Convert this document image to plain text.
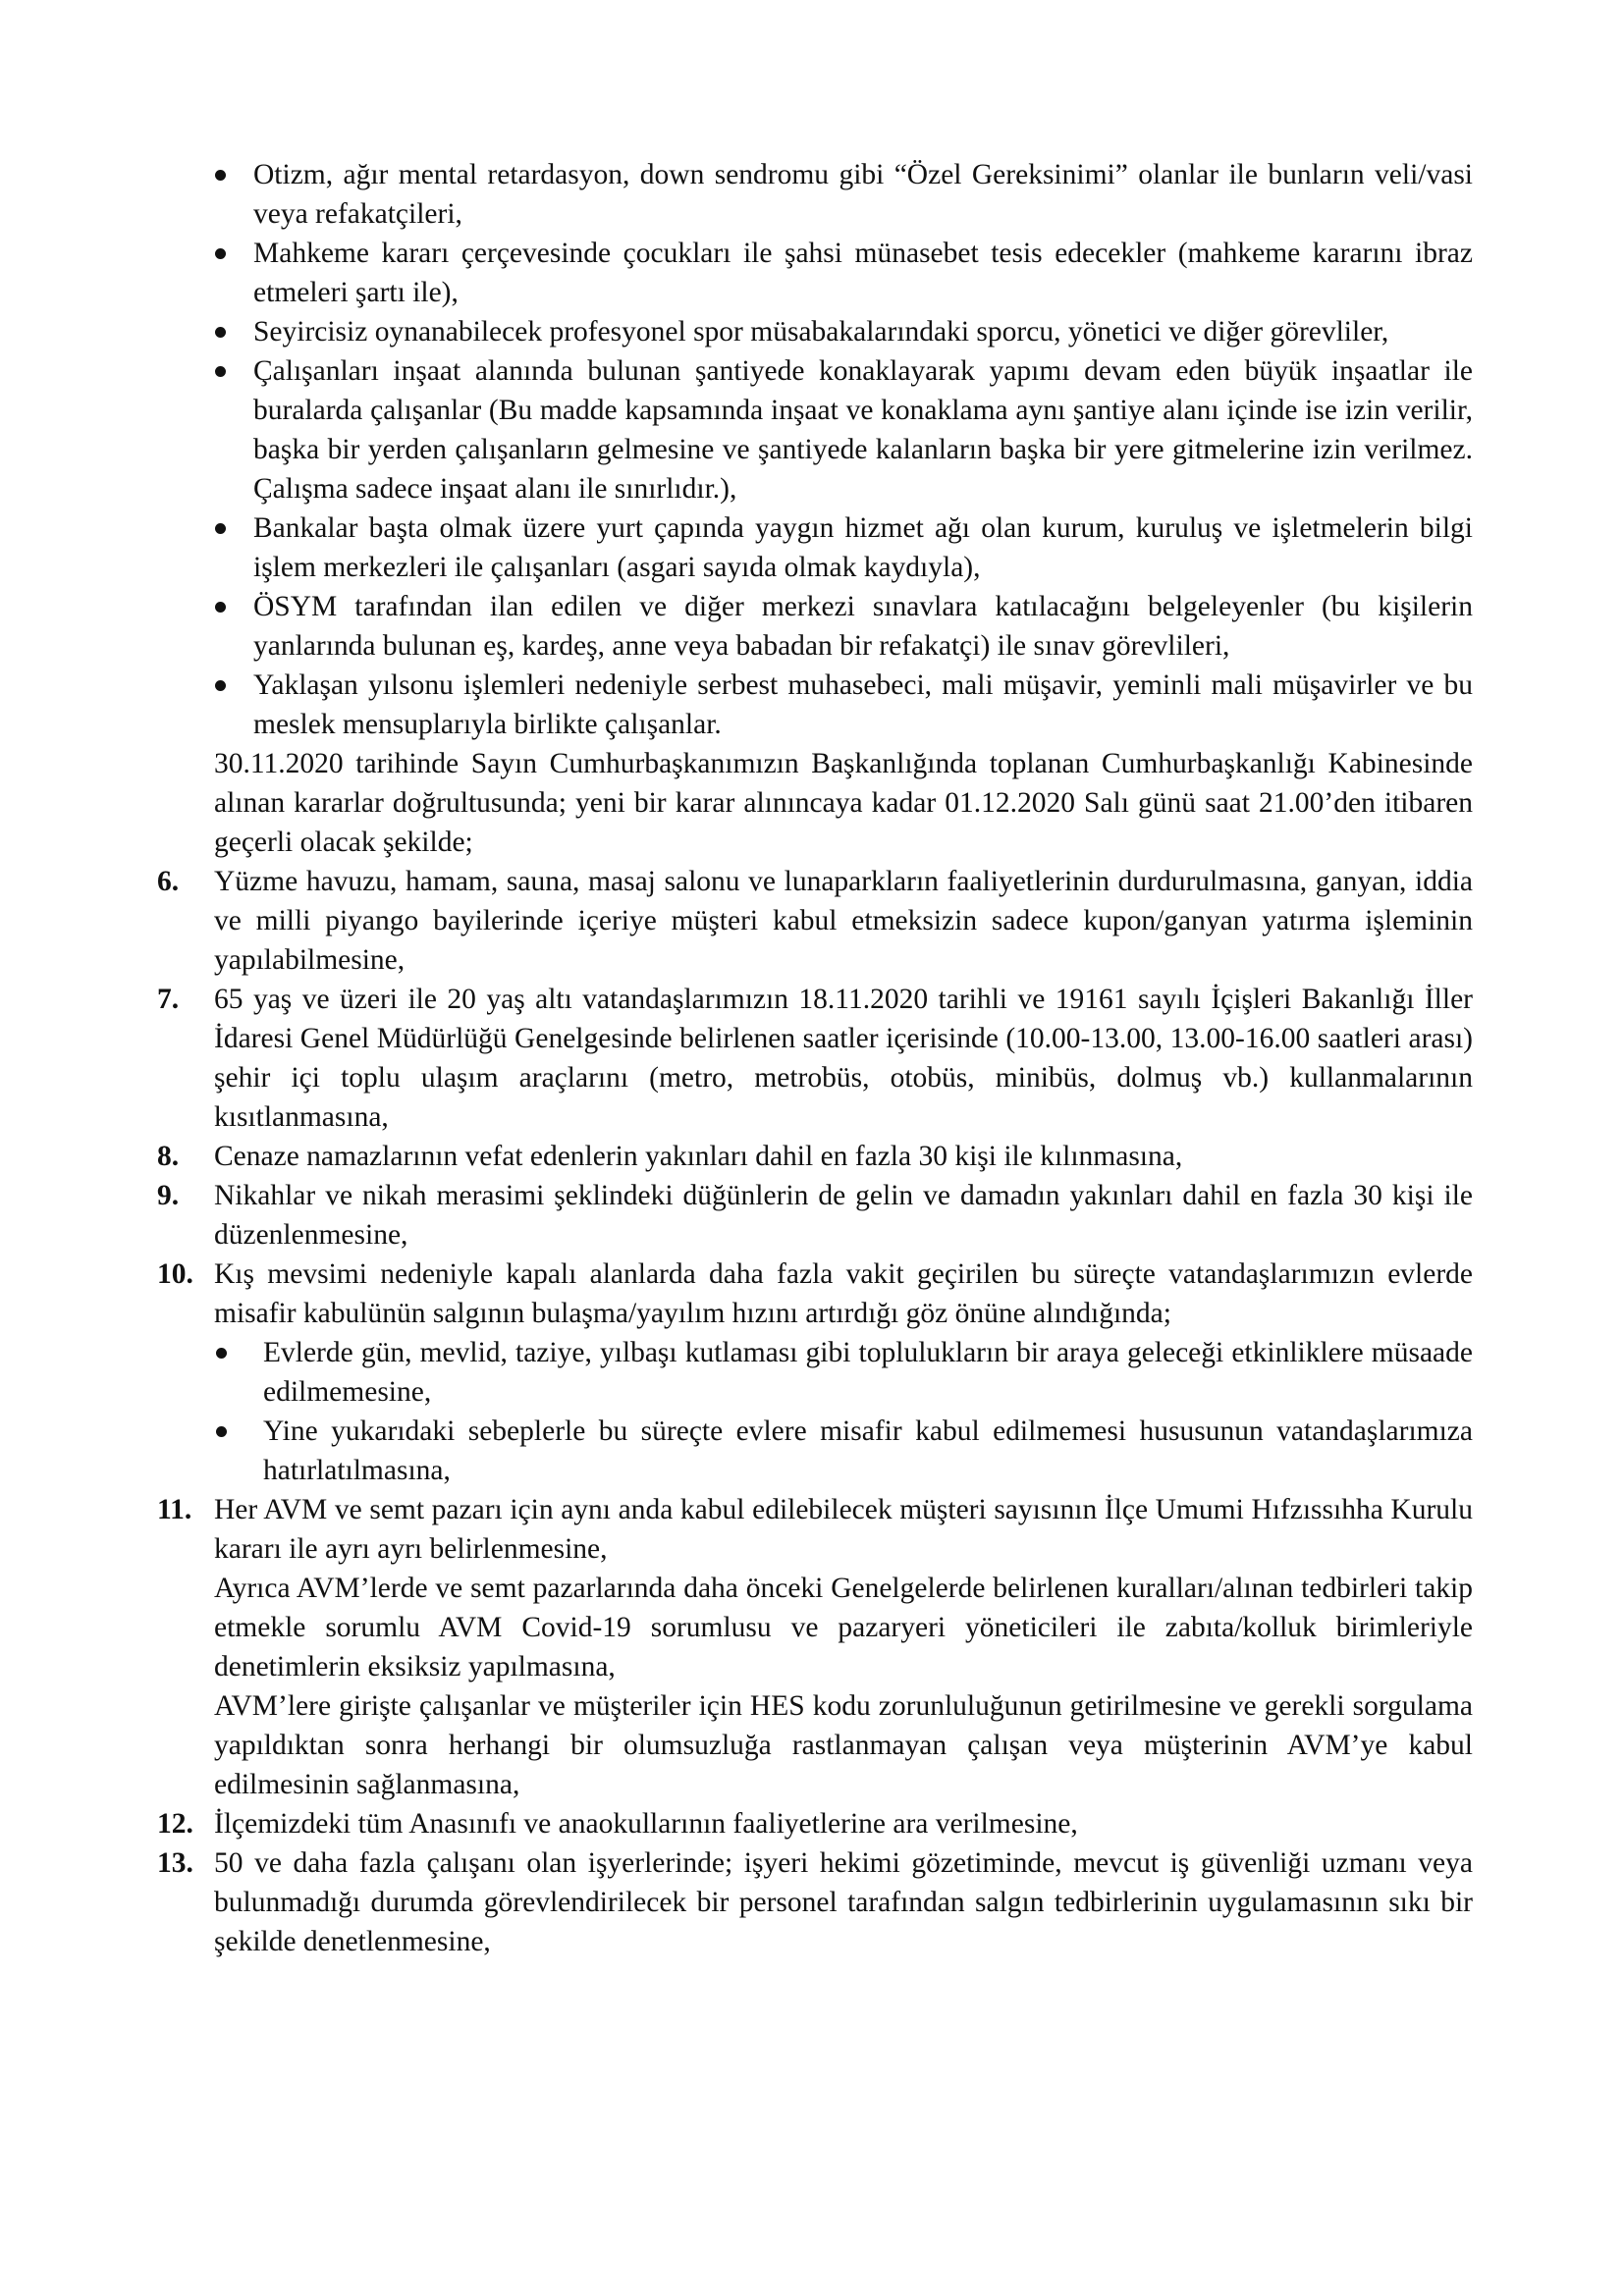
Otizm, ağır mental retardasyon, down sendromu gibi “Özel Gereksinimi” olanlar ile bunların veli/vasi veya refakatçileri,
Mahkeme kararı çerçevesinde çocukları ile şahsi münasebet tesis edecekler (mahkeme kararını ibraz etmeleri şartı ile),
Seyircisiz oynanabilecek profesyonel spor müsabakalarındaki sporcu, yönetici ve diğer görevliler,
Çalışanları inşaat alanında bulunan şantiyede konaklayarak yapımı devam eden büyük inşaatlar ile buralarda çalışanlar (Bu madde kapsamında inşaat ve konaklama aynı şantiye alanı içinde ise izin verilir, başka bir yerden çalışanların gelmesine ve şantiyede kalanların başka bir yere gitmelerine izin verilmez. Çalışma sadece inşaat alanı ile sınırlıdır.),
Bankalar başta olmak üzere yurt çapında yaygın hizmet ağı olan kurum, kuruluş ve işletmelerin bilgi işlem merkezleri ile çalışanları (asgari sayıda olmak kaydıyla),
ÖSYM tarafından ilan edilen ve diğer merkezi sınavlara katılacağını belgeleyenler (bu kişilerin yanlarında bulunan eş, kardeş, anne veya babadan bir refakatçi) ile sınav görevlileri,
Yaklaşan yılsonu işlemleri nedeniyle serbest muhasebeci, mali müşavir, yeminli mali müşavirler ve bu meslek mensuplarıyla birlikte çalışanlar.

30.11.2020 tarihinde Sayın Cumhurbaşkanımızın Başkanlığında toplanan Cumhurbaşkanlığı Kabinesinde alınan kararlar doğrultusunda; yeni bir karar alınıncaya kadar 01.12.2020 Salı günü saat 21.00’den itibaren geçerli olacak şekilde;

6. Yüzme havuzu, hamam, sauna, masaj salonu ve lunaparkların faaliyetlerinin durdurulmasına, ganyan, iddia ve milli piyango bayilerinde içeriye müşteri kabul etmeksizin sadece kupon/ganyan yatırma işleminin yapılabilmesine,

7. 65 yaş ve üzeri ile 20 yaş altı vatandaşlarımızın 18.11.2020 tarihli ve 19161 sayılı İçişleri Bakanlığı İller İdaresi Genel Müdürlüğü Genelgesinde belirlenen saatler içerisinde (10.00-13.00, 13.00-16.00 saatleri arası) şehir içi toplu ulaşım araçlarını (metro, metrobüs, otobüs, minibüs, dolmuş vb.) kullanmalarının kısıtlanmasına,

8. Cenaze namazlarının vefat edenlerin yakınları dahil en fazla 30 kişi ile kılınmasına,

9. Nikahlar ve nikah merasimi şeklindeki düğünlerin de gelin ve damadın yakınları dahil en fazla 30 kişi ile düzenlenmesine,

10. Kış mevsimi nedeniyle kapalı alanlarda daha fazla vakit geçirilen bu süreçte vatandaşlarımızın evlerde misafir kabulünün salgının bulaşma/yayılım hızını artırdığı göz önüne alındığında;

Evlerde gün, mevlid, taziye, yılbaşı kutlaması gibi toplulukların bir araya geleceği etkinliklere müsaade edilmemesine,
Yine yukarıdaki sebeplerle bu süreçte evlere misafir kabul edilmemesi hususunun vatandaşlarımıza hatırlatılmasına,
11. Her AVM ve semt pazarı için aynı anda kabul edilebilecek müşteri sayısının İlçe Umumi Hıfzıssıhha Kurulu kararı ile ayrı ayrı belirlenmesine,

Ayrıca AVM’lerde ve semt pazarlarında daha önceki Genelgelerde belirlenen kuralları/alınan tedbirleri takip etmekle sorumlu AVM Covid-19 sorumlusu ve pazaryeri yöneticileri ile zabıta/kolluk birimleriyle denetimlerin eksiksiz yapılmasına,

AVM’lere girişte çalışanlar ve müşteriler için HES kodu zorunluluğunun getirilmesine ve gerekli sorgulama yapıldıktan sonra herhangi bir olumsuzluğa rastlanmayan çalışan veya müşterinin AVM’ye kabul edilmesinin sağlanmasına,

12. İlçemizdeki tüm Anasınıfı ve anaokullarının faaliyetlerine ara verilmesine,

13. 50 ve daha fazla çalışanı olan işyerlerinde; işyeri hekimi gözetiminde, mevcut iş güvenliği uzmanı veya bulunmadığı durumda görevlendirilecek bir personel tarafından salgın tedbirlerinin uygulamasının sıkı bir şekilde denetlenmesine,
